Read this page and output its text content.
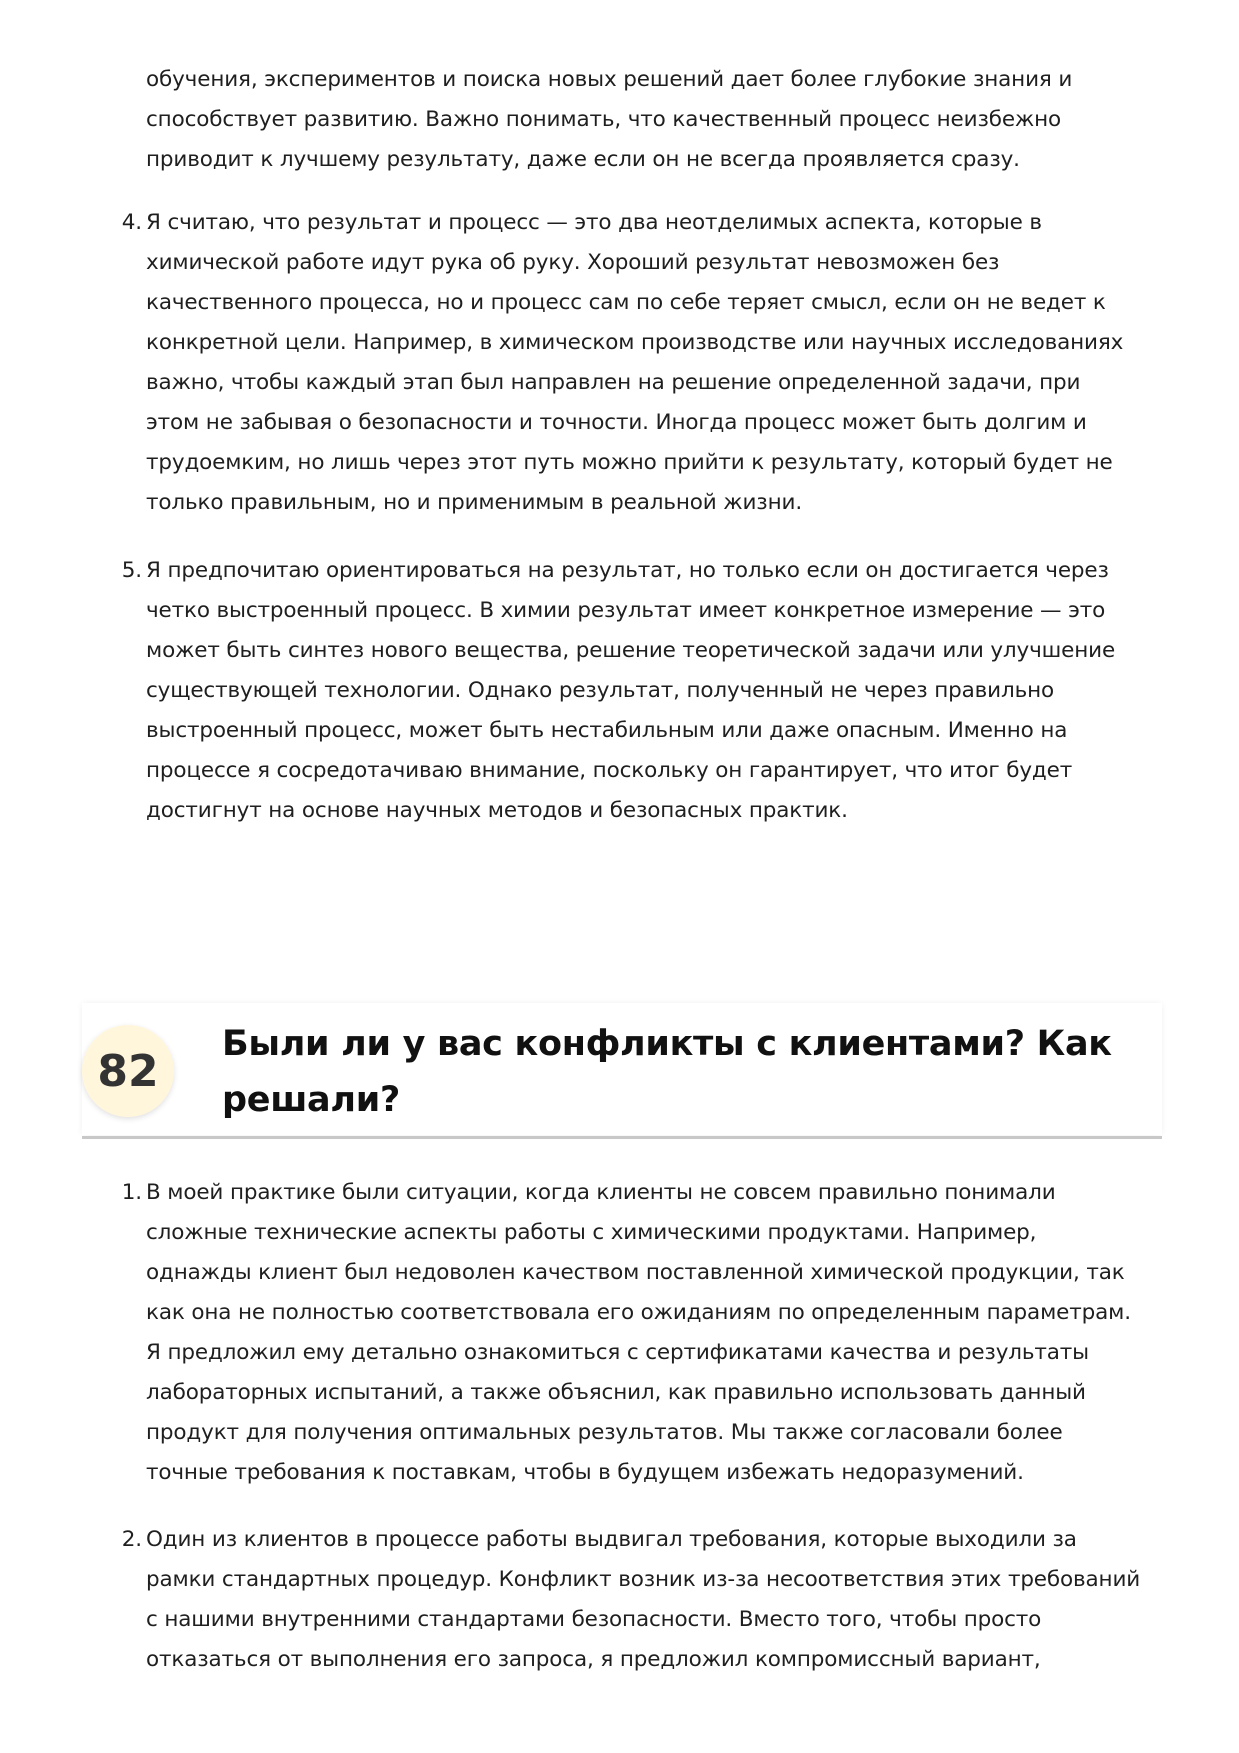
обучения, экспериментов и поиска новых решений дает более глубокие знания и
способствует развитию. Важно понимать, что качественный процесс неизбежно
приводит к лучшему результату, даже если он не всегда проявляется сразу.
4. Я считаю, что результат и процесс — это два неотделимых аспекта, которые в
химической работе идут рука об руку. Хороший результат невозможен без
качественного процесса, но и процесс сам по себе теряет смысл, если он не ведет к
конкретной цели. Например, в химическом производстве или научных исследованиях
важно, чтобы каждый этап был направлен на решение определенной задачи, при
этом не забывая о безопасности и точности. Иногда процесс может быть долгим и
трудоемким, но лишь через этот путь можно прийти к результату, который будет не
только правильным, но и применимым в реальной жизни.
5. Я предпочитаю ориентироваться на результат, но только если он достигается через
четко выстроенный процесс. В химии результат имеет конкретное измерение — это
может быть синтез нового вещества, решение теоретической задачи или улучшение
существующей технологии. Однако результат, полученный не через правильно
выстроенный процесс, может быть нестабильным или даже опасным. Именно на
процессе я сосредотачиваю внимание, поскольку он гарантирует, что итог будет
достигнут на основе научных методов и безопасных практик.
82
Были ли у вас конфликты с клиентами? Как
решали?
1. В моей практике были ситуации, когда клиенты не совсем правильно понимали
сложные технические аспекты работы с химическими продуктами. Например,
однажды клиент был недоволен качеством поставленной химической продукции, так
как она не полностью соответствовала его ожиданиям по определенным параметрам.
Я предложил ему детально ознакомиться с сертификатами качества и результаты
лабораторных испытаний, а также объяснил, как правильно использовать данный
продукт для получения оптимальных результатов. Мы также согласовали более
точные требования к поставкам, чтобы в будущем избежать недоразумений.
2. Один из клиентов в процессе работы выдвигал требования, которые выходили за
рамки стандартных процедур. Конфликт возник из-за несоответствия этих требований
с нашими внутренними стандартами безопасности. Вместо того, чтобы просто
отказаться от выполнения его запроса, я предложил компромиссный вариант,
